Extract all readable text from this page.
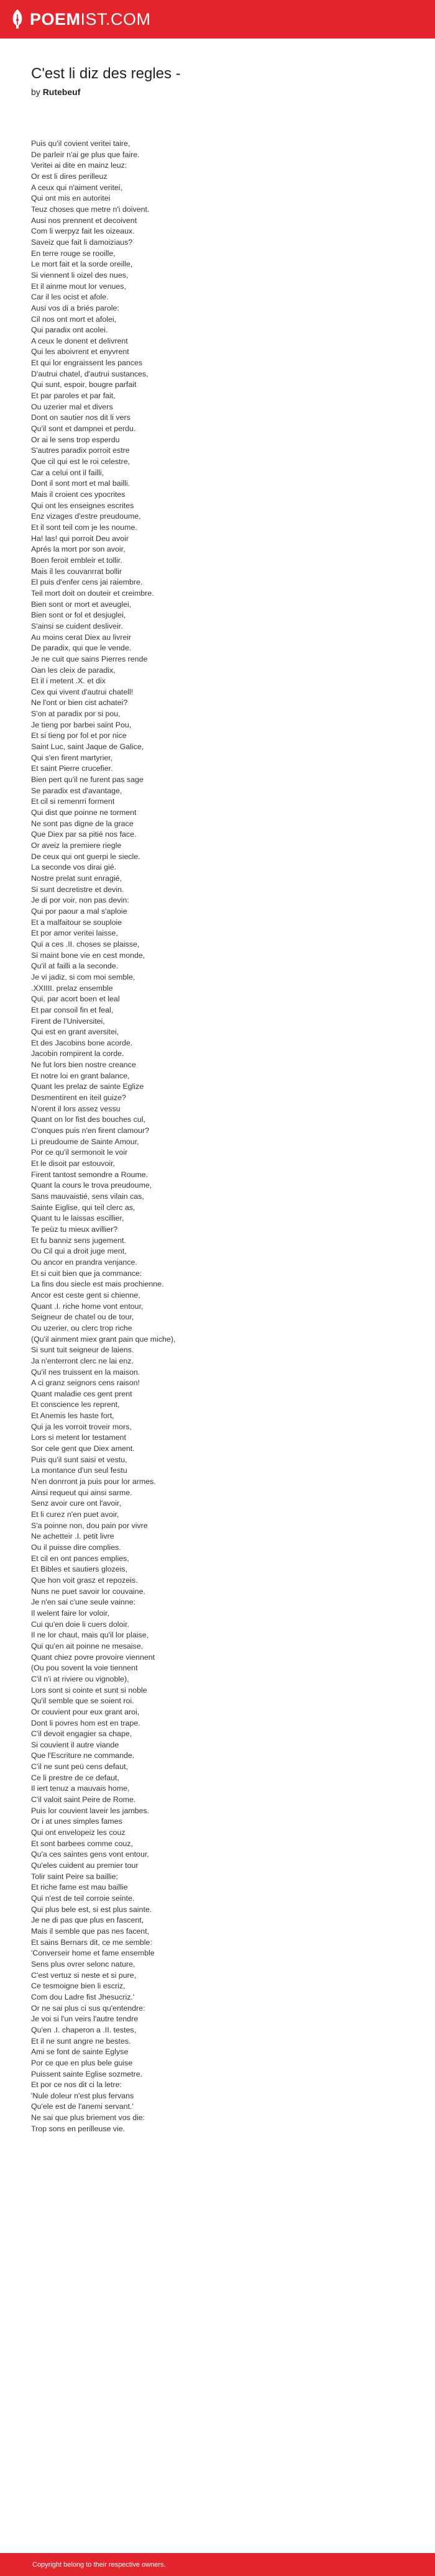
POEMIST.COM
C'est li diz des regles -
by Rutebeuf
Puis qu'il covient veritei taire,
De parleir n'ai ge plus que faire.
Veritei ai dite en mainz leuz:
Or est li dires perilleuz
A ceux qui n'aiment veritei,
Qui ont mis en autoritei
Teuz choses que metre n'i doivent.
Ausi nos prennent et decoivent
Com li werpyz fait les oizeaux.
Saveiz que fait li damoiziaus?
En terre rouge se rooille,
Le mort fait et la sorde oreille,
Si viennent li oizel des nues,
Et il ainme mout lor venues,
Car il les ocist et afole.
Ausi vos di a briés parole:
Cil nos ont mort et afolei,
Qui paradix ont acolei.
A ceux le donent et delivrent
Qui les aboivrent et enyvrent
Et qui lor engraissent les pances
D'autrui chatel, d'autrui sustances,
Qui sunt, espoir, bougre parfait
Et par paroles et par fait,
Ou uzerier mal et divers
Dont on sautier nos dit li vers
Qu'il sont et dampnei et perdu.
Or ai le sens trop esperdu
S'autres paradix porroit estre
Que cil qui est le roi celestre,
Car a celui ont il failli,
Dont il sont mort et mal bailli.
Mais il croient ces ypocrites
Qui ont les enseignes escrites
Enz vizages d'estre preudoume,
Et il sont teil com je les noume.
Ha! las! qui porroit Deu avoir
Aprés la mort por son avoir,
Boen feroit embleir et tollir.
Mais il les couvanrrat bollir
El puis d'enfer cens jai raiembre.
Teil mort doit on douteir et creimbre.
Bien sont or mort et aveuglei,
Bien sont or fol et desjuglei,
S'ainsi se cuident desliveir.
Au moins cerat Diex au livreir
De paradix, qui que le vende.
Je ne cuit que sains Pierres rende
Oan les cleix de paradix,
Et il i metent .X. et dix
Cex qui vivent d'autrui chatell!
Ne l'ont or bien cist achatei?
S'on at paradix por si pou,
Je tieng por barbei saint Pou,
Et si tieng por fol et por nice
Saint Luc, saint Jaque de Galice,
Qui s'en firent martyrier,
Et saint Pierre crucefier.
Bien pert qu'il ne furent pas sage
Se paradix est d'avantage,
Et cil si remenrri forment
Qui dist que poinne ne torment
Ne sont pas digne de la grace
Que Diex par sa pitié nos face.
Or aveiz la premiere riegle
De ceux qui ont guerpi le siecle.
La seconde vos dirai gié.
Nostre prelat sunt enragié,
Si sunt decretistre et devin.
Je di por voir, non pas devin:
Qui por paour a mal s'aploie
Et a malfaitour se souploie
Et por amor veritei laisse,
Qui a ces .II. choses se plaisse,
Si maint bone vie en cest monde,
Qu'il at failli a la seconde.
Je vi jadiz, si com moi semble,
.XXIIII. prelaz ensemble
Qui, par acort boen et leal
Et par consoil fin et feal,
Firent de l'Universitei,
Qui est en grant aversitei,
Et des Jacobins bone acorde.
Jacobin rompirent la corde.
Ne fut lors bien nostre creance
Et notre loi en grant balance,
Quant les prelaz de sainte Eglize
Desmentirent en iteil guize?
N'orent il lors assez vessu
Quant on lor fist des bouches cul,
C'onques puis n'en firent clamour?
Li preudoume de Sainte Amour,
Por ce qu'il sermonoit le voir
Et le disoit par estouvoir,
Firent tantost semondre a Roume.
Quant la cours le trova preudoume,
Sans mauvaistié, sens vilain cas,
Sainte Eiglise, qui teil clerc as,
Quant tu le laissas escillier,
Te peüz tu mieux avillier?
Et fu banniz sens jugement.
Ou Cil qui a droit juge ment,
Ou ancor en prandra venjance.
Et si cuit bien que ja commance:
La fins dou siecle est mais prochienne.
Ancor est ceste gent si chienne,
Quant .I. riche home vont entour,
Seigneur de chatel ou de tour,
Ou uzerier, ou clerc trop riche
(Qu'il ainment miex grant pain que miche),
Si sunt tuit seigneur de laiens.
Ja n'enterront clerc ne lai enz.
Qu'il nes truissent en la maison.
A ci granz seignors cens raison!
Quant maladie ces gent prent
Et conscience les reprent,
Et Anemis les haste fort,
Qui ja les vorroit troveir mors,
Lors si metent lor testament
Sor cele gent que Diex ament.
Puis qu'il sunt saisi et vestu,
La montance d'un seul festu
N'en donrront ja puis pour lor armes.
Ainsi requeut qui ainsi sarme.
Senz avoir cure ont l'avoir,
Et li curez n'en puet avoir,
S'a poinne non, dou pain por vivre
Ne achetteir .I. petit livre
Ou il puisse dire complies.
Et cil en ont pances emplies,
Et Bibles et sautiers glozeis,
Que hon voit grasz et repozeis.
Nuns ne puet savoir lor couvaine.
Je n'en sai c'une seule vainne:
Il welent faire lor voloir,
Cui qu'en doie li cuers doloir.
Il ne lor chaut, mais qu'il lor plaise,
Qui qu'en ait poinne ne mesaise.
Quant chiez povre provoire viennent
(Ou pou sovent la voie tiennent
C'il n'i at riviere ou vignoble),
Lors sont si cointe et sunt si noble
Qu'il semble que se soient roi.
Or couvient pour eux grant aroi,
Dont li povres hom est en trape.
C'il devoit engagier sa chape,
Si couvient il autre viande
Que l'Escriture ne commande.
C'il ne sunt peü cens defaut,
Ce li prestre de ce defaut,
Il iert tenuz a mauvais home,
C'il valoit saint Peire de Rome.
Puis lor couvient laveir les jambes.
Or i at unes simples fames
Qui ont envelopeiz les couz
Et sont barbees comme couz,
Qu'a ces saintes gens vont entour,
Qu'eles cuident au premier tour
Tolir saint Peire sa baillie;
Et riche fame est mau baillie
Qui n'est de teil corroie seinte.
Qui plus bele est, si est plus sainte.
Je ne di pas que plus en fascent,
Mais il semble que pas nes facent,
Et sains Bernars dit, ce me semble:
'Converseir home et fame ensemble
Sens plus ovrer selonc nature,
C'est vertuz si neste et si pure,
Ce tesmoigne bien li escriz,
Com dou Ladre fist Jhesucriz.'
Or ne sai plus ci sus qu'entendre:
Je voi si l'un veirs l'autre tendre
Qu'en .I. chaperon a .II. testes,
Et il ne sunt angre ne bestes.
Ami se font de sainte Eglyse
Por ce que en plus bele guise
Puissent sainte Eglise sozmetre.
Et por ce nos dit ci la letre:
'Nule doleur n'est plus fervans
Qu'ele est de l'anemi servant.'
Ne sai que plus briement vos die:
Trop sons en perilleuse vie.
Copyright belong to their respective owners.
